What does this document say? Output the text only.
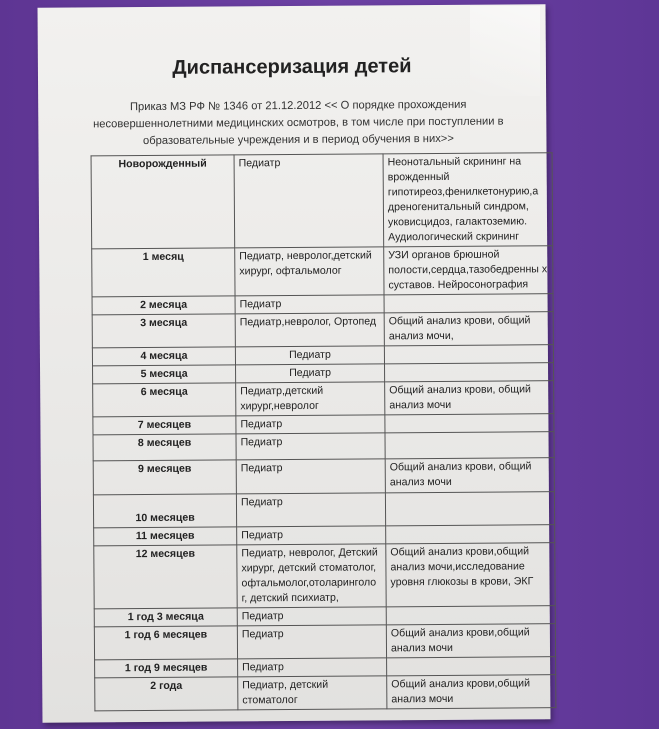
Диспансеризация детей
Приказ МЗ РФ № 1346 от 21.12.2012 << О порядке прохождения несовершеннолетними медицинских осмотров, в том числе при поступлении в образовательные учреждения и в период обучения в них>>
Новорожденный	Педиатр	Неонотальный скрининг на врожденный гипотиреоз,фенилкетонурию,а дреногенитальный синдром, уковисцидоз, галактоземию. Аудиологический скрининг
1 месяц	Педиатр, невролог,детский хирург, офтальмолог	УЗИ органов брюшной полости,сердца,тазобедренны х суставов. Нейросонография
2 месяца	Педиатр	
3 месяца	Педиатр,невролог, Ортопед	Общий анализ крови, общий анализ мочи,
4 месяца	Педиатр	
5 месяца	Педиатр	
6 месяца	Педиатр,детский хирург,невролог	Общий анализ крови, общий анализ мочи
7 месяцев	Педиатр	
8 месяцев	Педиатр	
9 месяцев	Педиатр	Общий анализ крови, общий анализ мочи
10 месяцев	Педиатр	
11 месяцев	Педиатр	
12 месяцев	Педиатр, невролог, Детский хирург, детский стоматолог, офтальмолог,отоларинголо г, детский психиатр,	Общий анализ крови,общий анализ мочи,исследование уровня глюкозы в крови, ЭКГ
1 год 3 месяца	Педиатр	
1 год 6 месяцев	Педиатр	Общий анализ крови,общий анализ мочи
1 год 9 месяцев	Педиатр	
2 года	Педиатр, детский стоматолог	Общий анализ крови,общий анализ мочи
